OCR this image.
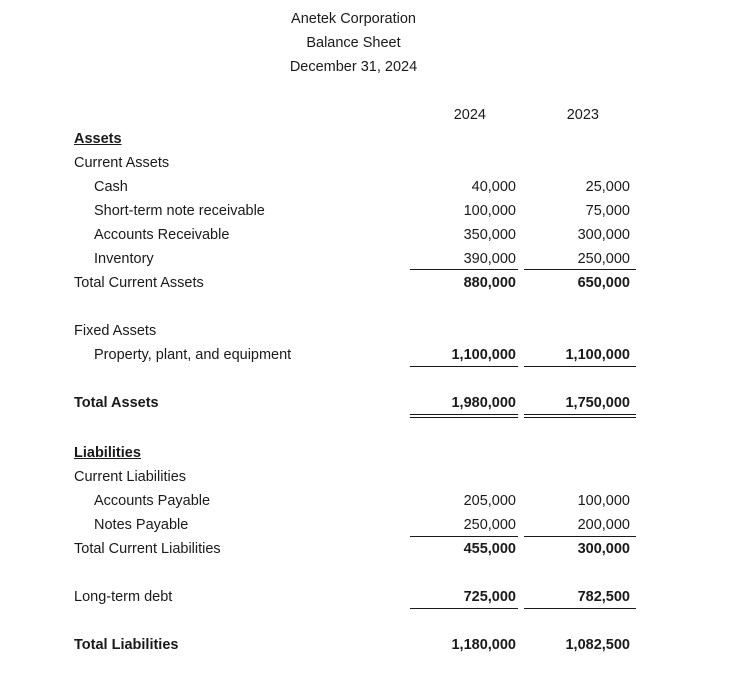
Anetek Corporation
Balance Sheet
December 31, 2024
2024	2023
Assets
Current Assets
Cash	40,000	25,000
Short-term note receivable	100,000	75,000
Accounts Receivable	350,000	300,000
Inventory	390,000	250,000
Total Current Assets	880,000	650,000
Fixed Assets
Property, plant, and equipment	1,100,000	1,100,000
Total Assets	1,980,000	1,750,000
Liabilities
Current Liabilities
Accounts Payable	205,000	100,000
Notes Payable	250,000	200,000
Total Current Liabilities	455,000	300,000
Long-term debt	725,000	782,500
Total Liabilities	1,180,000	1,082,500
